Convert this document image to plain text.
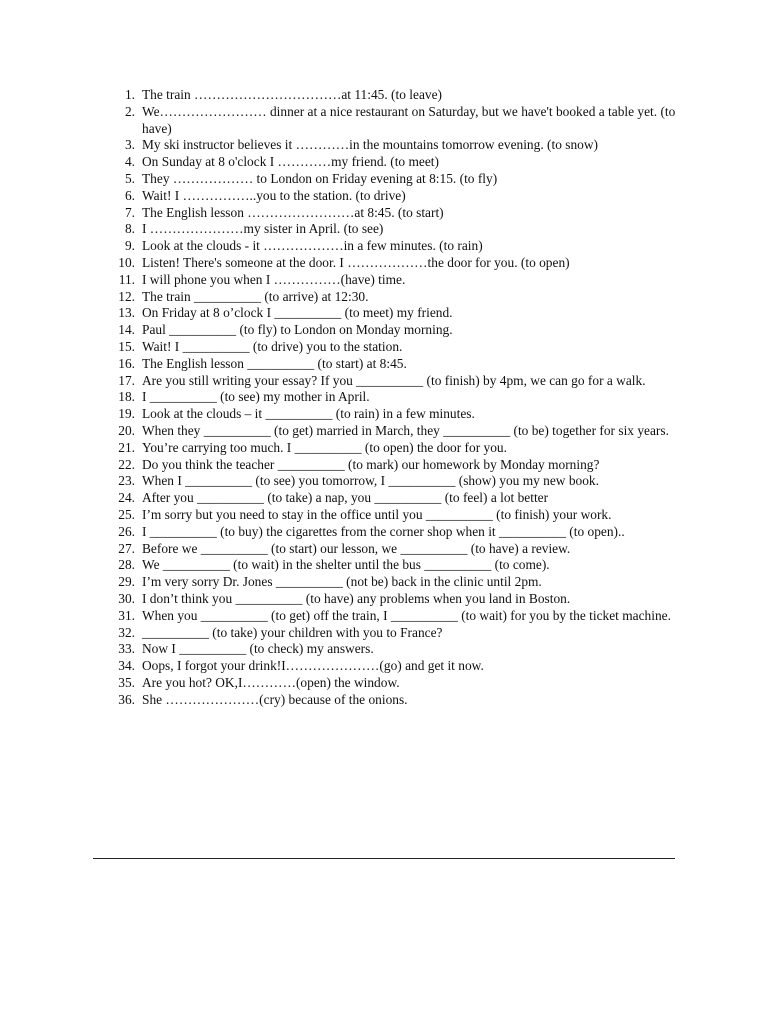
1. The train ……………………………at 11:45. (to leave)
2. We…………………… dinner at a nice restaurant on Saturday, but we have't booked a table yet. (to have)
3. My ski instructor believes it …………in the mountains tomorrow evening. (to snow)
4. On Sunday at 8 o'clock I …………my friend. (to meet)
5. They ……………… to London on Friday evening at 8:15. (to fly)
6. Wait! I ……………..you to the station. (to drive)
7. The English lesson ……………………at 8:45. (to start)
8. I …………………my sister in April. (to see)
9. Look at the clouds - it ………………in a few minutes. (to rain)
10. Listen! There's someone at the door. I ………………the door for you. (to open)
11. I will phone you when I ……………(have) time.
12. The train __________ (to arrive) at 12:30.
13. On Friday at 8 o’clock I __________ (to meet) my friend.
14. Paul __________ (to fly) to London on Monday morning.
15. Wait! I __________ (to drive) you to the station.
16. The English lesson __________ (to start) at 8:45.
17. Are you still writing your essay? If you __________ (to finish) by 4pm, we can go for a walk.
18. I __________ (to see) my mother in April.
19. Look at the clouds – it __________ (to rain) in a few minutes.
20. When they __________ (to get) married in March, they __________ (to be) together for six years.
21. You’re carrying too much. I __________ (to open) the door for you.
22. Do you think the teacher __________ (to mark) our homework by Monday morning?
23. When I __________ (to see) you tomorrow, I __________ (show) you my new book.
24. After you __________ (to take) a nap, you __________ (to feel) a lot better
25. I’m sorry but you need to stay in the office until you __________ (to finish) your work.
26. I __________ (to buy) the cigarettes from the corner shop when it __________ (to open)..
27. Before we __________ (to start) our lesson, we __________ (to have) a review.
28. We __________ (to wait) in the shelter until the bus __________ (to come).
29. I’m very sorry Dr. Jones __________ (not be) back in the clinic until 2pm.
30. I don’t think you __________ (to have) any problems when you land in Boston.
31. When you __________ (to get) off the train, I __________ (to wait) for you by the ticket machine.
32. __________ (to take) your children with you to France?
33. Now I __________ (to check) my answers.
34. Oops, I forgot your drink!I…………………(go) and get it now.
35. Are you hot? OK,I…………(open) the window.
36. She …………………(cry) because of the onions.
